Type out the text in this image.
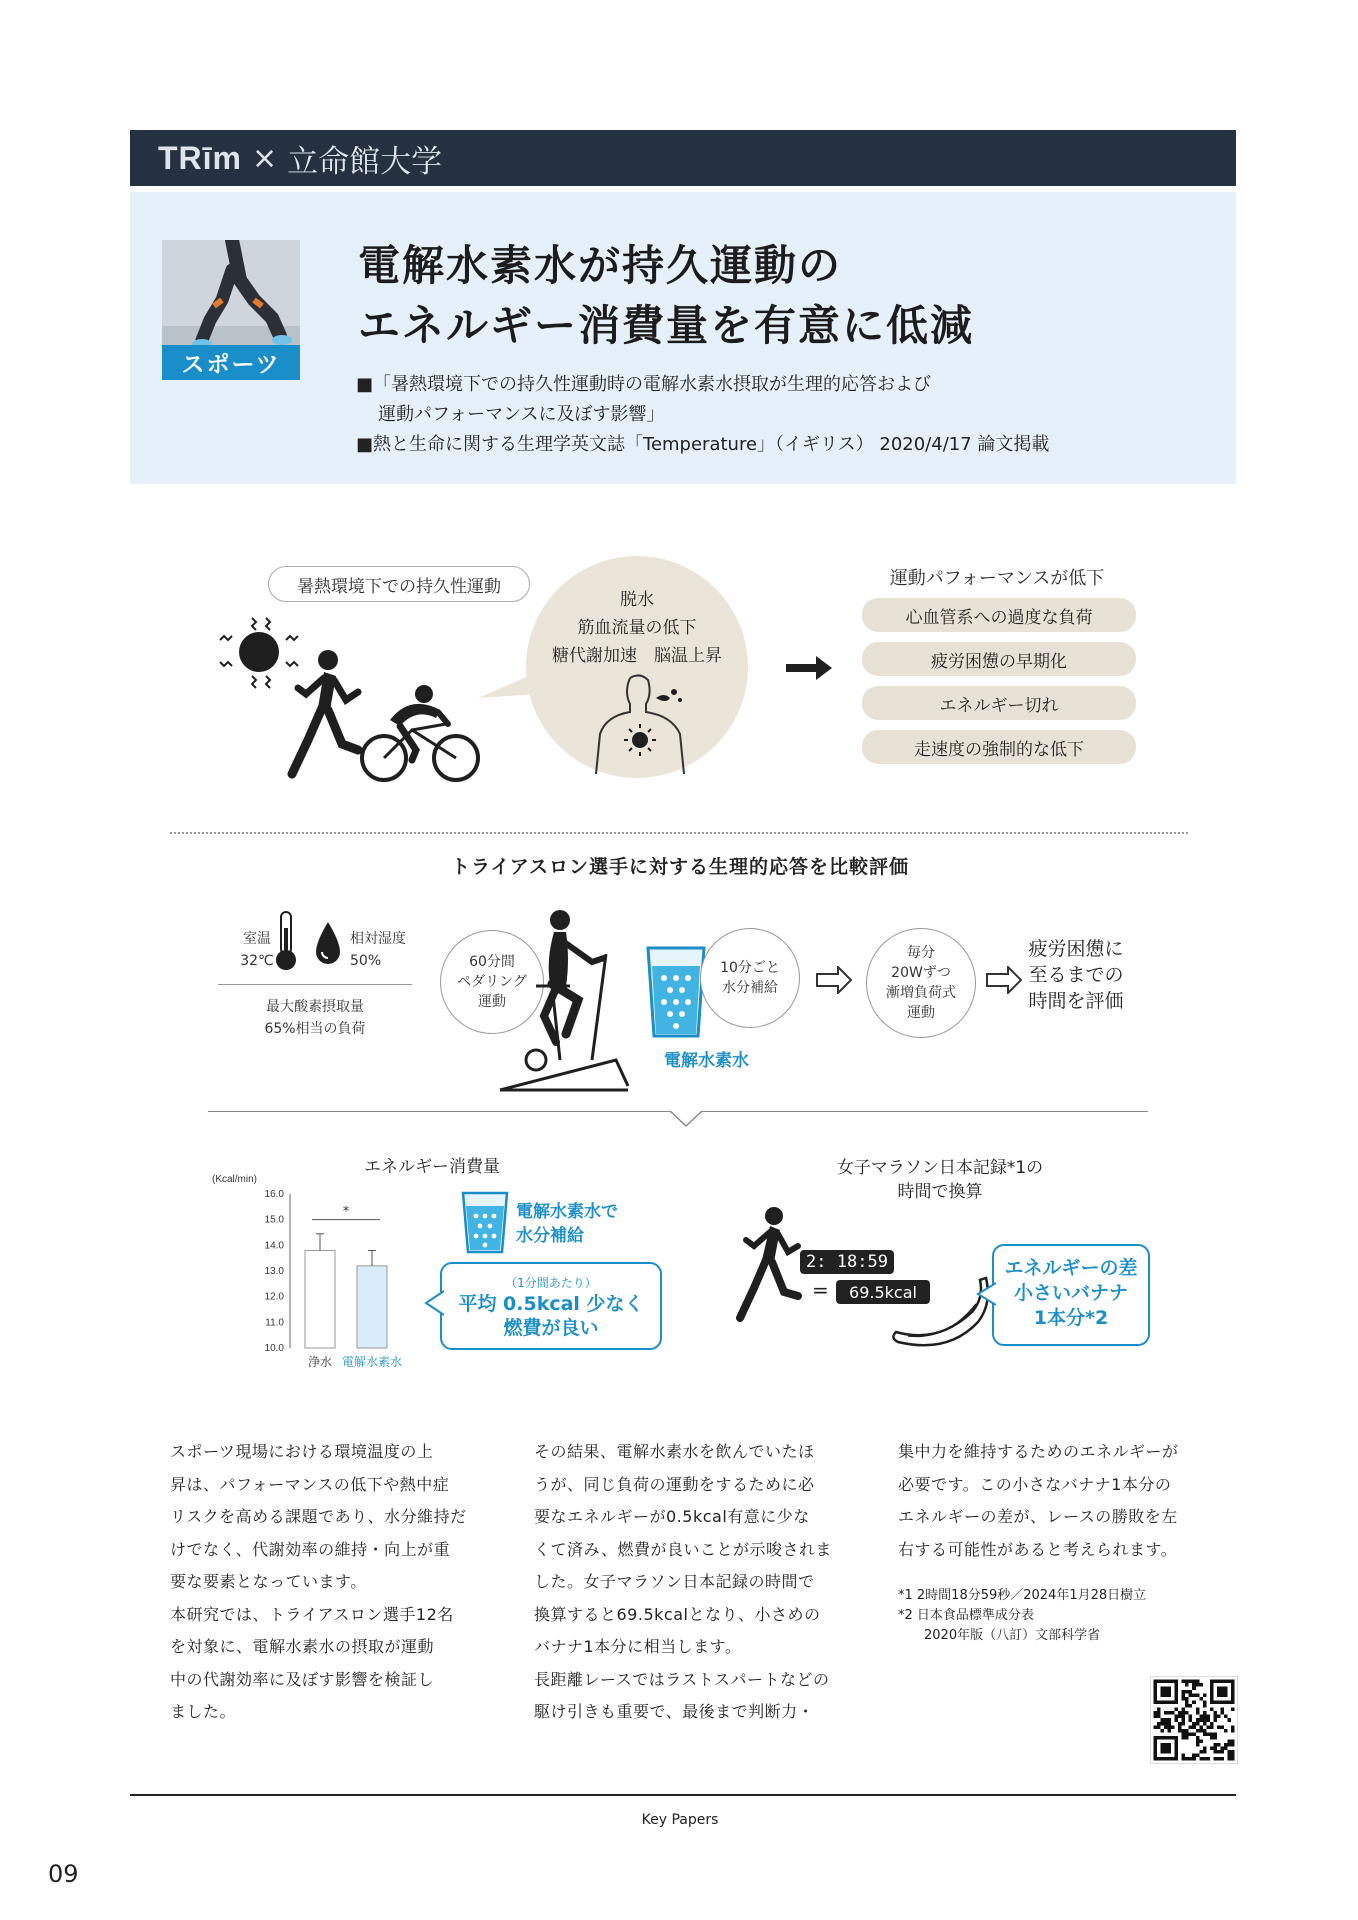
TRīm × 立命館大学
スポーツ
電解水素水が持久運動の
エネルギー消費量を有意に低減
■「暑熱環境下での持久性運動時の電解水素水摂取が生理的応答および
運動パフォーマンスに及ぼす影響」
■熱と生命に関する生理学英文誌「Temperature」（イギリス） 2020/4/17 論文掲載
暑熱環境下での持久性運動
脱水
筋血流量の低下
糖代謝加速　脳温上昇
運動パフォーマンスが低下
心血管系への過度な負荷
疲労困憊の早期化
エネルギー切れ
走速度の強制的な低下
トライアスロン選手に対する生理的応答を比較評価
室温
32℃
相対湿度
50%
最大酸素摂取量
65%相当の負荷
60分間
ペダリング
運動
電解水素水
10分ごと
水分補給
毎分
20Wずつ
漸増負荷式
運動
疲労困憊に
至るまでの
時間を評価
エネルギー消費量
(Kcal/min)
10.0
11.0
12.0
13.0
14.0
15.0
16.0
浄水 電解水素水
*	電解水素水で
水分補給
（1分間あたり）
平均 0.5kcal 少なく
燃費が良い
女子マラソン日本記録*1の
時間で換算
2: 18:59
=	69.5kcal
エネルギーの差
小さいバナナ
1本分*2
スポーツ現場における環境温度の上
昇は、パフォーマンスの低下や熱中症
リスクを高める課題であり、水分維持だ
けでなく、代謝効率の維持・向上が重
要な要素となっています。
本研究では、トライアスロン選手12名
を対象に、電解水素水の摂取が運動
中の代謝効率に及ぼす影響を検証し
ました。
その結果、電解水素水を飲んでいたほ
うが、同じ負荷の運動をするために必
要なエネルギーが0.5kcal有意に少な
くて済み、燃費が良いことが示唆されま
した。女子マラソン日本記録の時間で
換算すると69.5kcalとなり、小さめの
バナナ1本分に相当します。
長距離レースではラストスパートなどの
駆け引きも重要で、最後まで判断力・
集中力を維持するためのエネルギーが
必要です。この小さなバナナ1本分の
エネルギーの差が、レースの勝敗を左
右する可能性があると考えられます。
*1 2時間18分59秒／2024年1月28日樹立
*2 日本食品標準成分表
　　2020年版（八訂）文部科学省
Key Papers
09
